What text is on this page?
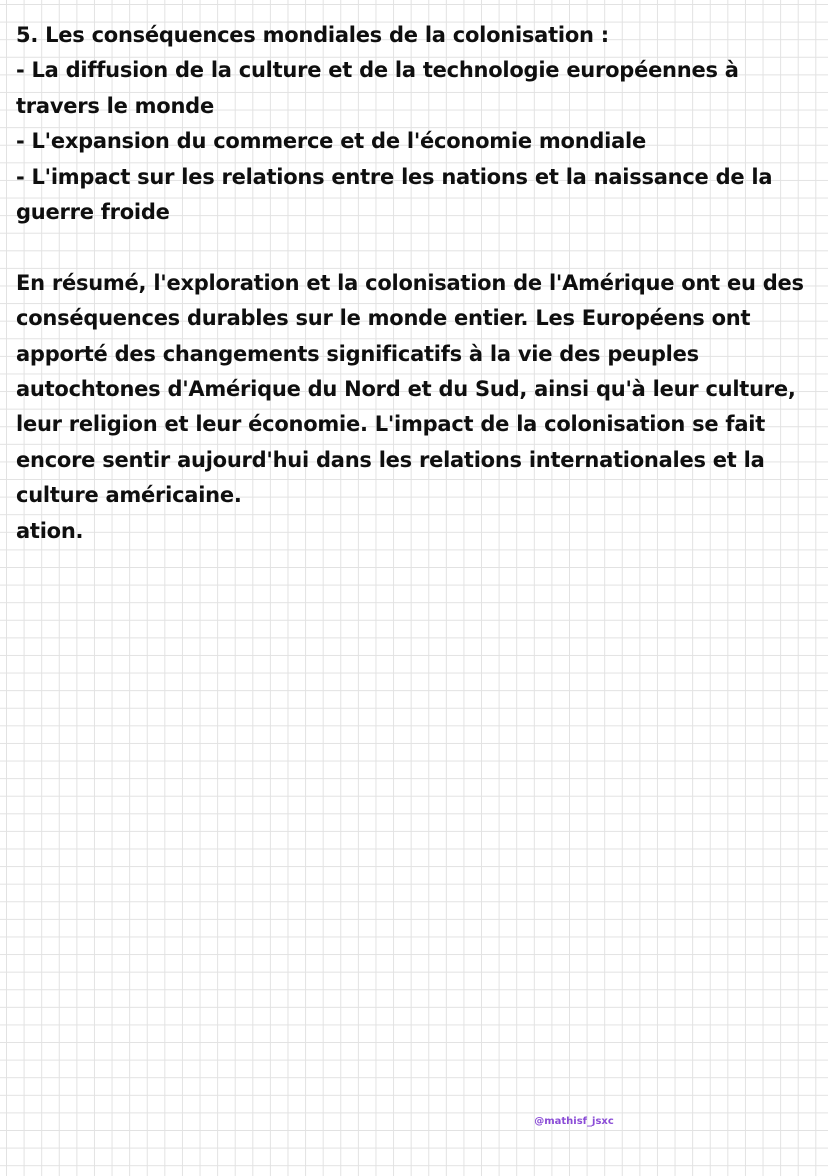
5. Les conséquences mondiales de la colonisation :
- La diffusion de la culture et de la technologie européennes à
travers le monde
- L'expansion du commerce et de l'économie mondiale
- L'impact sur les relations entre les nations et la naissance de la
guerre froide
En résumé, l'exploration et la colonisation de l'Amérique ont eu des
conséquences durables sur le monde entier. Les Européens ont
apporté des changements significatifs à la vie des peuples
autochtones d'Amérique du Nord et du Sud, ainsi qu'à leur culture,
leur religion et leur économie. L'impact de la colonisation se fait
encore sentir aujourd'hui dans les relations internationales et la
culture américaine.
ation.
@mathisf_jsxc
